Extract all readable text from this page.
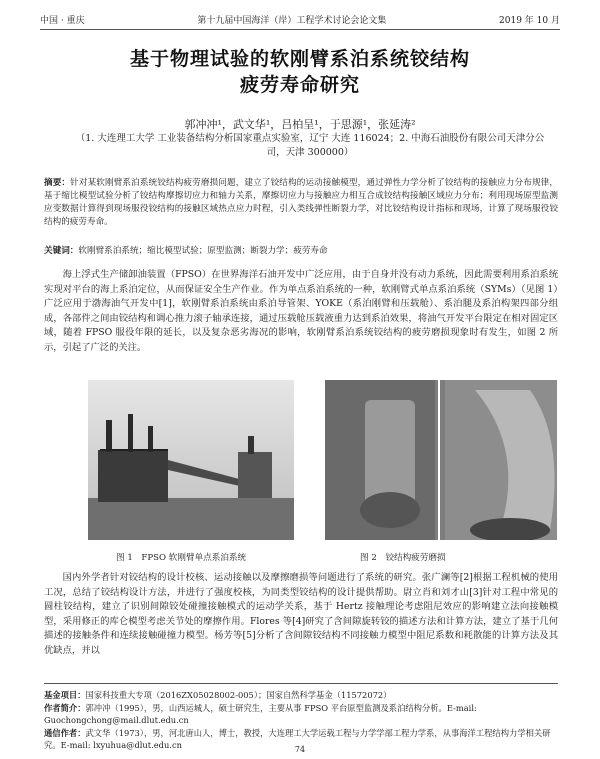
中国 · 重庆	第十九届中国海洋（岸）工程学术讨论会论文集	2019 年 10 月
基于物理试验的软刚臂系泊系统铰结构
疲劳寿命研究
郭冲冲¹，武文华¹，吕柏呈¹，于思源¹，张延涛²
（1. 大连理工大学 工业装备结构分析国家重点实验室，辽宁 大连 116024；2. 中海石油股份有限公司天津分公司，天津 300000）
摘要：针对某软刚臂系泊系统铰结构疲劳磨损问题，建立了铰结构的运动接触模型，通过弹性力学分析了铰结构的接触应力分布规律，基于缩比模型试验分析了铰结构摩擦切应力和轴力关系，摩擦切应力与接触应力相互合成铰结构接触区域应力分布；利用现场原型监测应变数据计算得到现场服役铰结构的接触区域热点应力时程，引入类线弹性断裂力学，对比铰结构设计指标和现场，计算了现场服役铰结构的疲劳寿命。
关键词：软刚臂系泊系统；缩比模型试验；原型监测；断裂力学；疲劳寿命
海上浮式生产储卸油装置（FPSO）在世界海洋石油开发中广泛应用，由于自身并没有动力系统，因此需要利用系泊系统实现对平台的海上系泊定位，从而保证安全生产作业。作为单点系泊系统的一种，软刚臂式单点系泊系统（SYMs）（见图 1）广泛应用于渤海油气开发中[1]，软刚臂系泊系统由系泊导管架、YOKE（系泊刚臂和压载舱）、系泊腿及系泊构架四部分组成，各部件之间由铰结构和调心推力滚子轴承连接，通过压载舱压载液重力达到系泊效果，将油气开发平台限定在相对固定区域，随着 FPSO 服役年限的延长，以及复杂恶劣海况的影响，软刚臂系泊系统铰结构的疲劳磨损现象时有发生，如图 2 所示，引起了广泛的关注。
图 1　FPSO 软刚臂单点系泊系统	图 2　铰结构疲劳磨损
国内外学者针对铰结构的设计校核、运动接触以及摩擦磨损等问题进行了系统的研究。张广澜等[2]根据工程机械的使用工况，总结了铰结构设计方法，并进行了强度校核，为同类型铰结构的设计提供帮助。尉立肖和刘才山[3]针对工程中常见的圆柱铰结构，建立了识别间隙铰处碰撞接触模式的运动学关系，基于 Hertz 接触理论考虑阻尼效应的影响建立法向接触模型，采用修正的库仑模型考虑关节处的摩擦作用。Flores 等[4]研究了含间隙旋转铰的描述方法和计算方法，建立了基于几何描述的接触条件和连续接触碰撞力模型。杨芳等[5]分析了含间隙铰结构不同接触力模型中阻尼系数和耗散能的计算方法及其优缺点，并以
基金项目：国家科技重大专项（2016ZX05028002-005）；国家自然科学基金（11572072）
作者简介：郭冲冲（1995），男，山西运城人，硕士研究生，主要从事 FPSO 平台原型监测及系泊结构分析。E-mail: Guochongchong@mail.dlut.edu.cn
通信作者：武文华（1973），男，河北唐山人，博士，教授，大连理工大学运载工程与力学学部工程力学系，从事海洋工程结构力学相关研究。E-mail: lxyuhua@dlut.edu.cn	74
